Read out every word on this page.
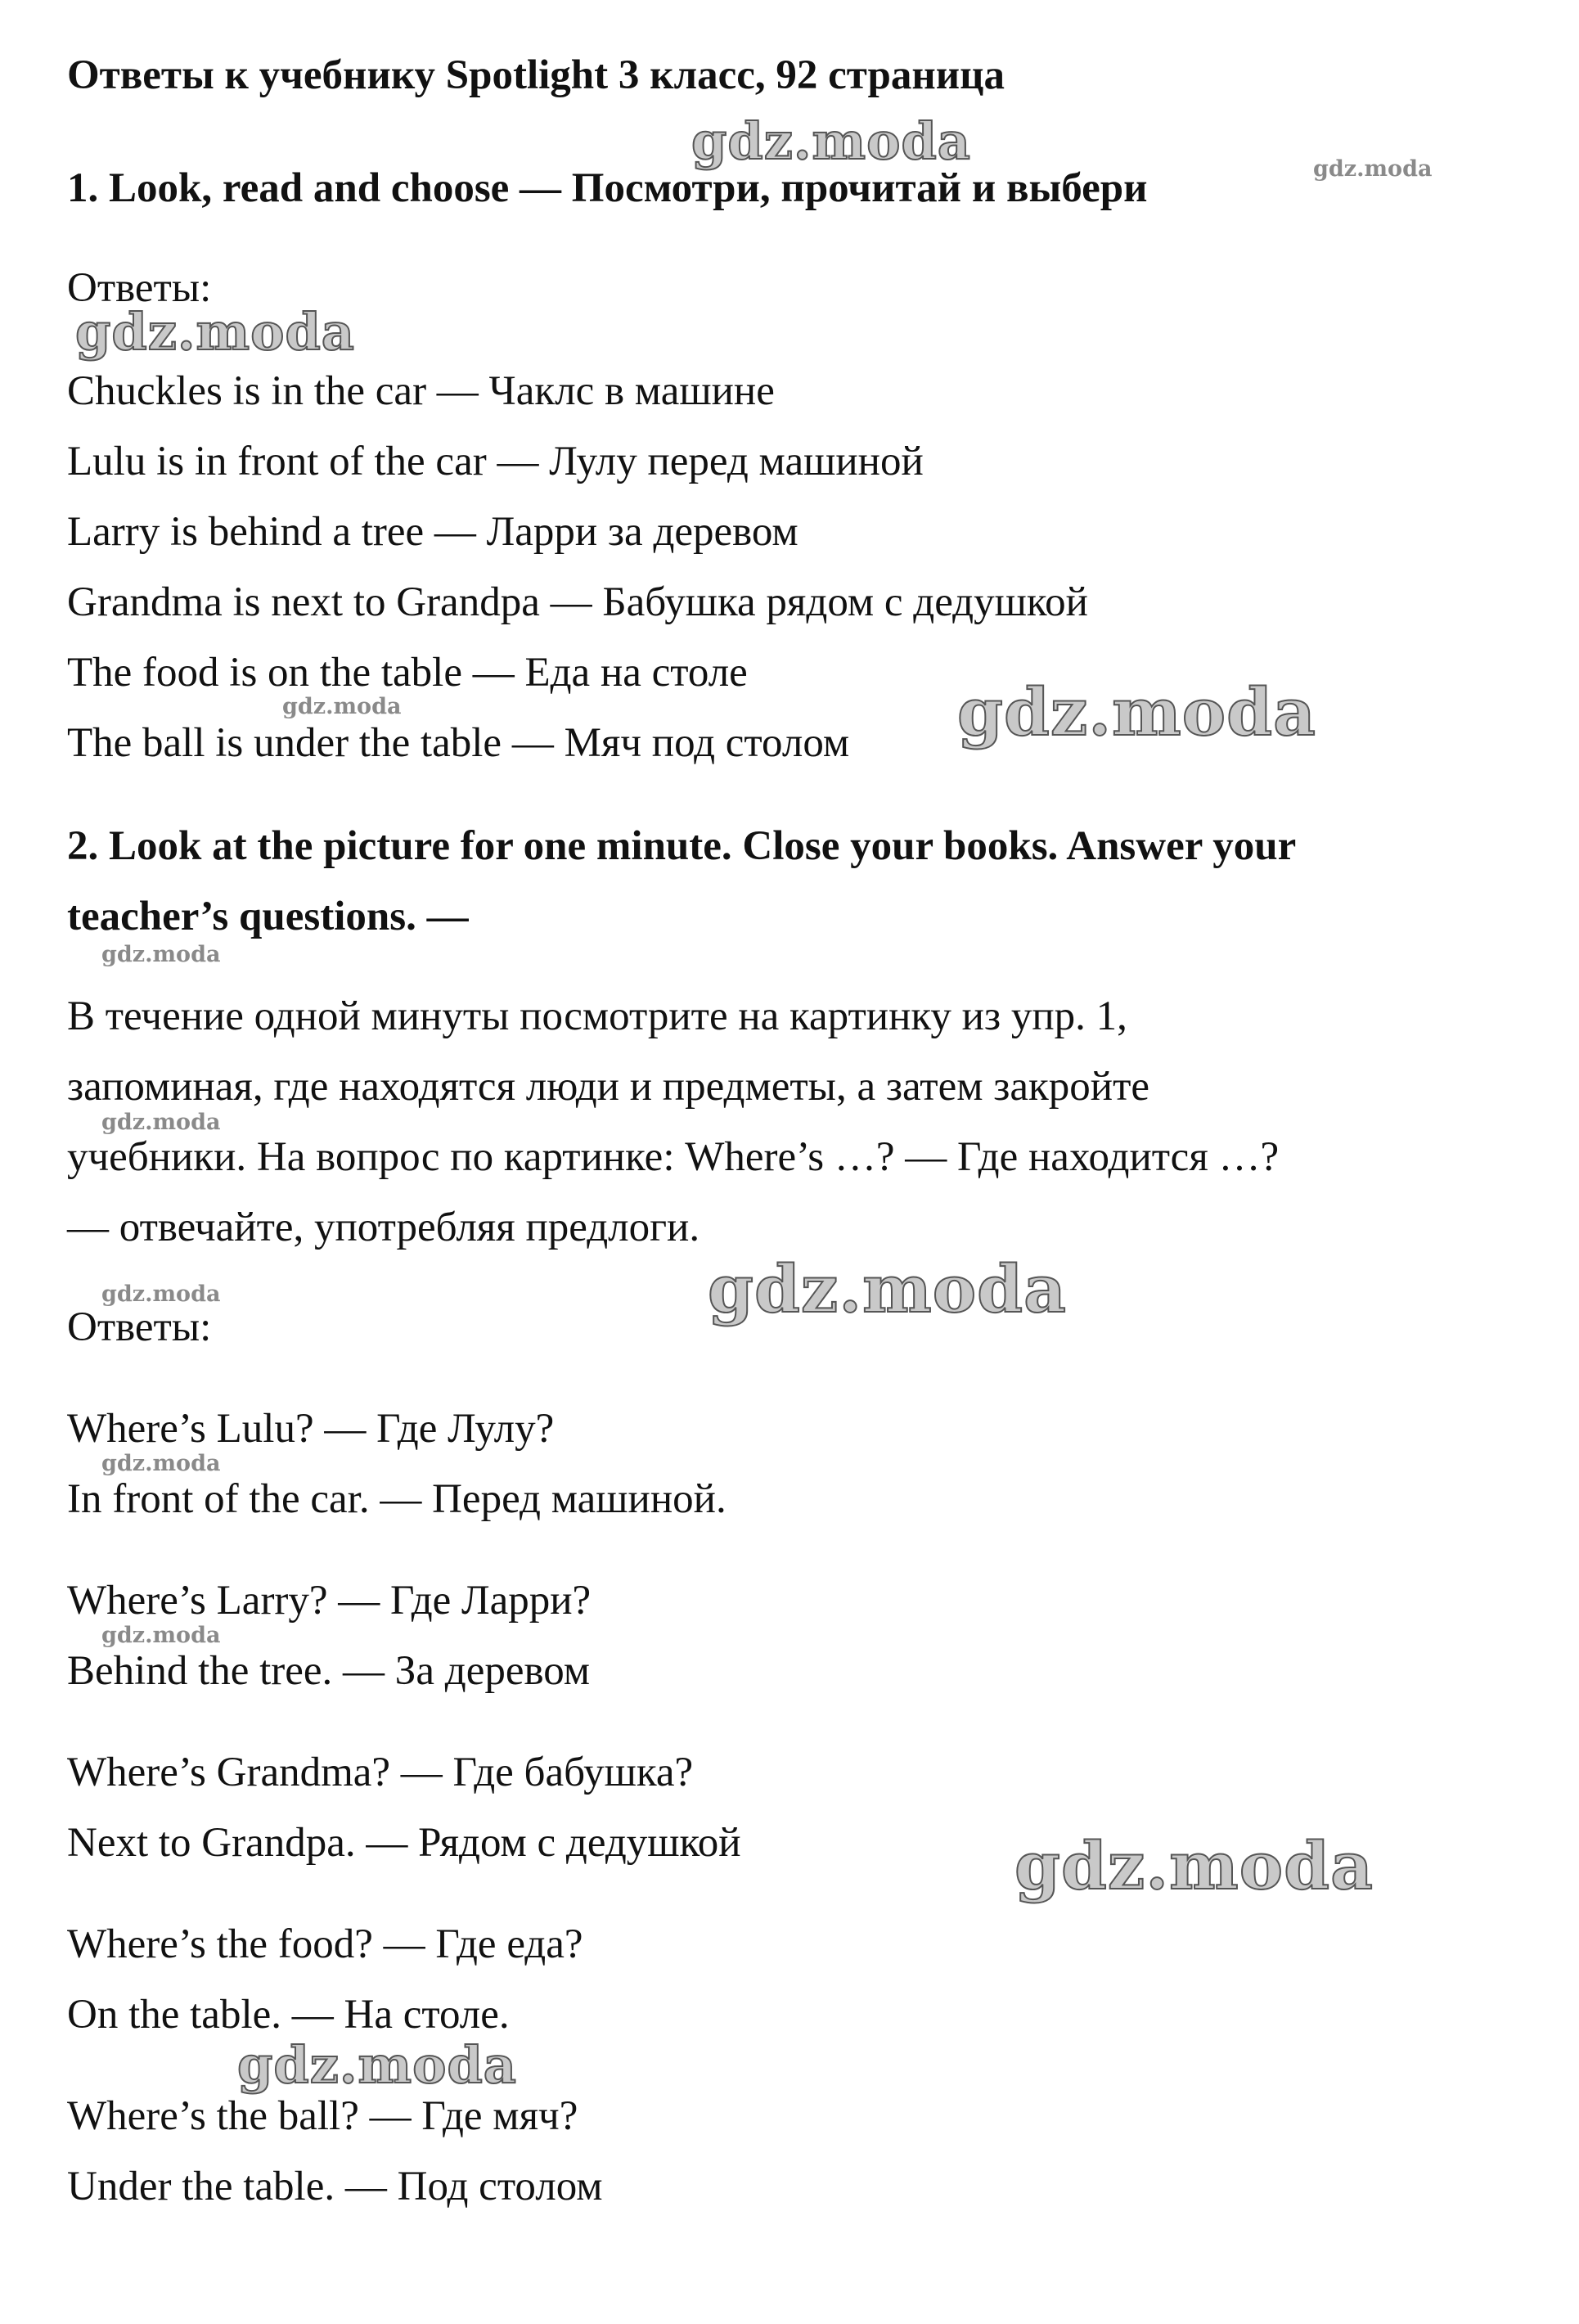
Ответы к учебнику Spotlight 3 класс, 92 страница
1. Look, read and choose — Посмотри, прочитай и выбери
Ответы:
Chuckles is in the car — Чаклс в машине
Lulu is in front of the car — Лулу перед машиной
Larry is behind a tree — Ларри за деревом
Grandma is next to Grandpa — Бабушка рядом с дедушкой
The food is on the table — Еда на столе
The ball is under the table — Мяч под столом
2. Look at the picture for one minute. Close your books. Answer your
teacher’s questions. —
В течение одной минуты посмотрите на картинку из упр. 1,
запоминая, где находятся люди и предметы, а затем закройте
учебники. На вопрос по картинке: Where’s …? — Где находится …?
— отвечайте, употребляя предлоги.
Ответы:
Where’s Lulu? — Где Лулу?
In front of the car. — Перед машиной.
Where’s Larry? — Где Ларри?
Behind the tree. — За деревом
Where’s Grandma? — Где бабушка?
Next to Grandpa. — Рядом с дедушкой
Where’s the food? — Где еда?
On the table. — На столе.
Where’s the ball? — Где мяч?
Under the table. — Под столом
gdz.moda	gdz.moda
gdz.moda
gdz.moda	gdz.moda
gdz.moda
gdz.moda
gdz.moda	gdz.moda
gdz.moda
gdz.moda
gdz.moda
gdz.moda
